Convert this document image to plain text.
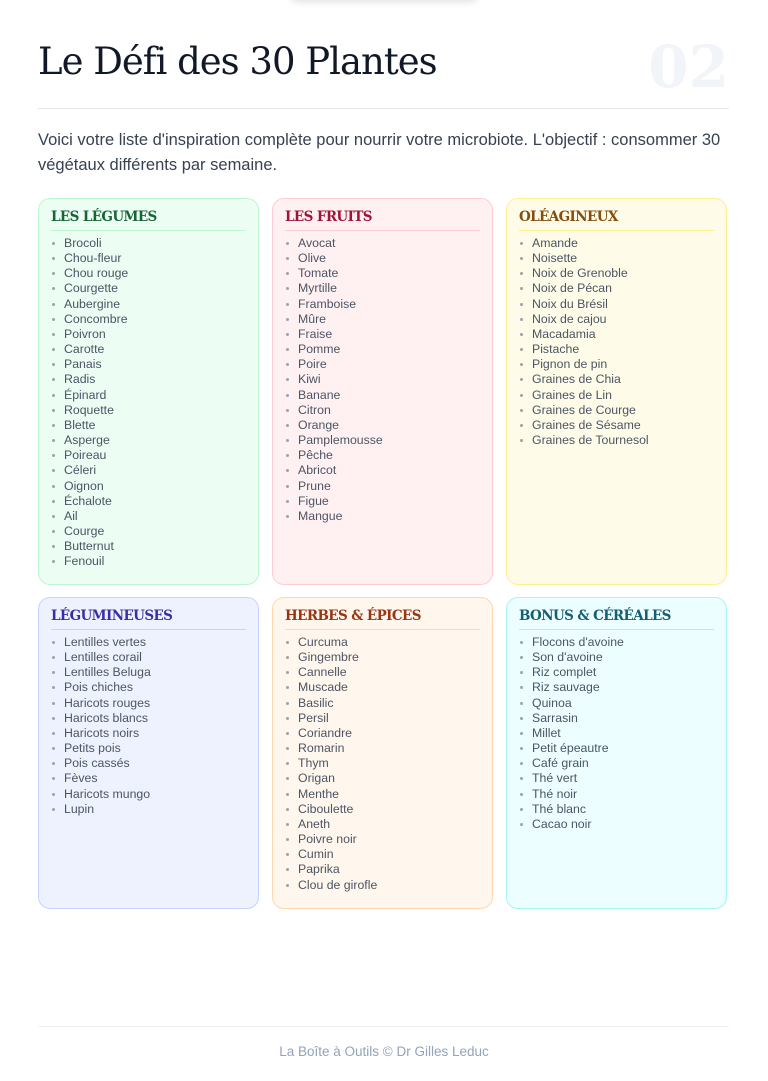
Le Défi des 30 Plantes	02

Voici votre liste d'inspiration complète pour nourrir votre microbiote. L'objectif : consommer 30 végétaux différents par semaine.

LES LÉGUMES
Brocoli
Chou-fleur
Chou rouge
Courgette
Aubergine
Concombre
Poivron
Carotte
Panais
Radis
Épinard
Roquette
Blette
Asperge
Poireau
Céleri
Oignon
Échalote
Ail
Courge
Butternut
Fenouil
LES FRUITS
Avocat
Olive
Tomate
Myrtille
Framboise
Mûre
Fraise
Pomme
Poire
Kiwi
Banane
Citron
Orange
Pamplemousse
Pêche
Abricot
Prune
Figue
Mangue
OLÉAGINEUX
Amande
Noisette
Noix de Grenoble
Noix de Pécan
Noix du Brésil
Noix de cajou
Macadamia
Pistache
Pignon de pin
Graines de Chia
Graines de Lin
Graines de Courge
Graines de Sésame
Graines de Tournesol
LÉGUMINEUSES
Lentilles vertes
Lentilles corail
Lentilles Beluga
Pois chiches
Haricots rouges
Haricots blancs
Haricots noirs
Petits pois
Pois cassés
Fèves
Haricots mungo
Lupin
HERBES & ÉPICES
Curcuma
Gingembre
Cannelle
Muscade
Basilic
Persil
Coriandre
Romarin
Thym
Origan
Menthe
Ciboulette
Aneth
Poivre noir
Cumin
Paprika
Clou de girofle
BONUS & CÉRÉALES
Flocons d'avoine
Son d'avoine
Riz complet
Riz sauvage
Quinoa
Sarrasin
Millet
Petit épeautre
Café grain
Thé vert
Thé noir
Thé blanc
Cacao noir
La Boîte à Outils © Dr Gilles Leduc
